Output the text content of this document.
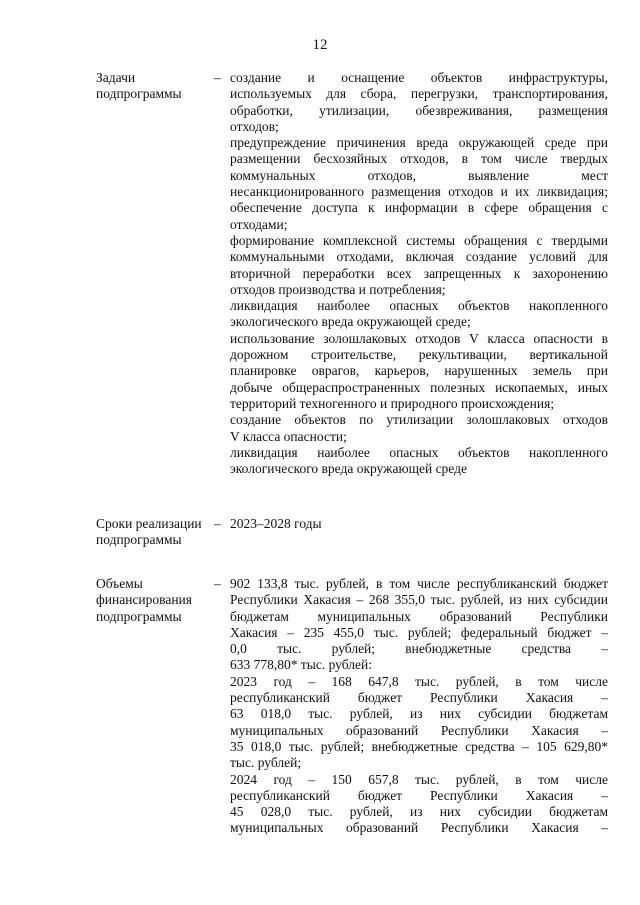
12
Задачи
подпрограммы
– создание и оснащение объектов инфраструктуры,
используемых для сбора, перегрузки, транспортирования,
обработки, утилизации, обезвреживания, размещения
отходов;
предупреждение причинения вреда окружающей среде при
размещении бесхозяйных отходов, в том числе твердых
коммунальных отходов, выявление мест
несанкционированного размещения отходов и их ликвидация;
обеспечение доступа к информации в сфере обращения с
отходами;
формирование комплексной системы обращения с твердыми
коммунальными отходами, включая создание условий для
вторичной переработки всех запрещенных к захоронению
отходов производства и потребления;
ликвидация наиболее опасных объектов накопленного
экологического вреда окружающей среде;
использование золошлаковых отходов V класса опасности в
дорожном строительстве, рекультивации, вертикальной
планировке оврагов, карьеров, нарушенных земель при
добыче общераспространенных полезных ископаемых, иных
территорий техногенного и природного происхождения;
создание объектов по утилизации золошлаковых отходов
V класса опасности;
ликвидация наиболее опасных объектов накопленного
экологического вреда окружающей среде
Сроки реализации
подпрограммы
– 2023–2028 годы
Объемы
финансирования
подпрограммы
– 902 133,8 тыс. рублей, в том числе республиканский бюджет
Республики Хакасия – 268 355,0 тыс. рублей, из них субсидии
бюджетам муниципальных образований Республики
Хакасия – 235 455,0 тыс. рублей; федеральный бюджет –
0,0 тыс. рублей; внебюджетные средства –
633 778,80* тыс. рублей:
2023 год – 168 647,8 тыс. рублей, в том числе
республиканский бюджет Республики Хакасия –
63 018,0 тыс. рублей, из них субсидии бюджетам
муниципальных образований Республики Хакасия –
35 018,0 тыс. рублей; внебюджетные средства – 105 629,80*
тыс. рублей;
2024 год – 150 657,8 тыс. рублей, в том числе
республиканский бюджет Республики Хакасия –
45 028,0 тыс. рублей, из них субсидии бюджетам
муниципальных образований Республики Хакасия –
